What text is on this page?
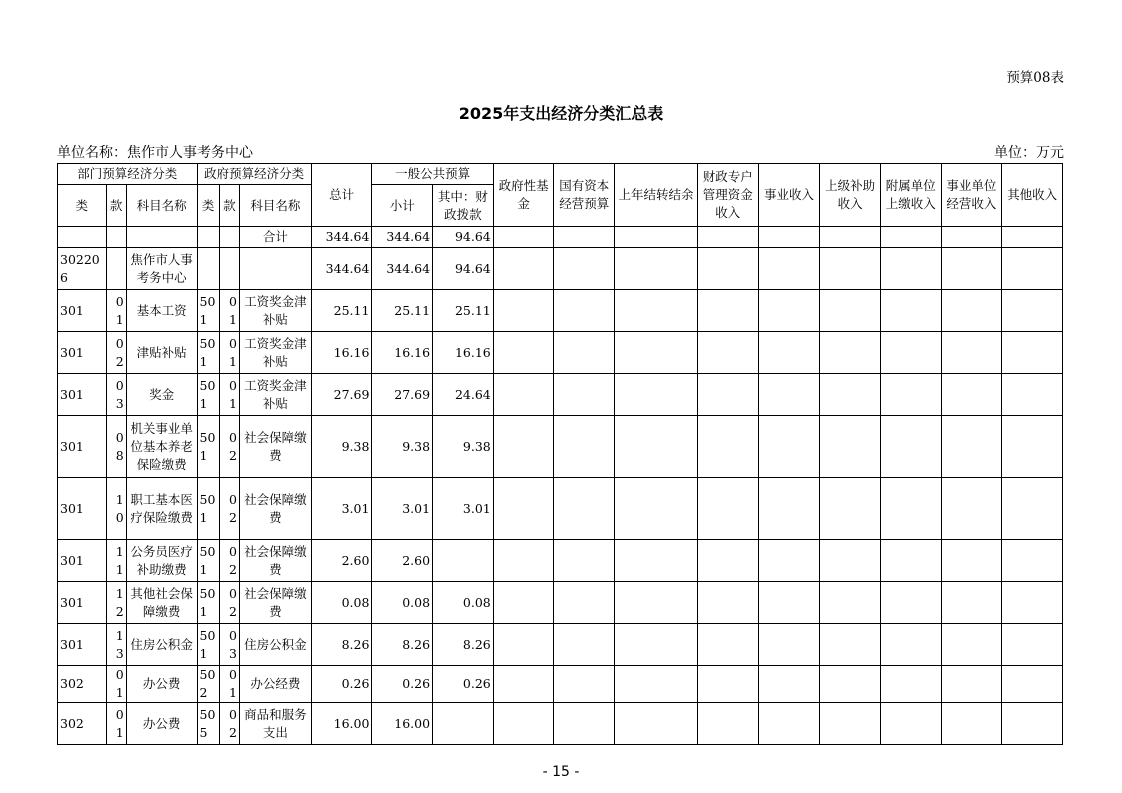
预算08表
2025年支出经济分类汇总表
单位名称：焦作市人事考务中心	单位：万元
部门预算经济分类			政府预算经济分类			总计	一般公共预算		政府性基金	国有资本经营预算	上年结转结余	财政专户管理资金收入	事业收入	上级补助收入	附属单位上缴收入	事业单位经营收入	其他收入
类	款	科目名称	类	款	科目名称		小计	其中：财政拨款									
					合计	344.64	344.64	94.64									
302206		焦作市人事考务中心				344.64	344.64	94.64									
301	01	基本工资	501	01	工资奖金津补贴	25.11	25.11	25.11									
301	02	津贴补贴	501	01	工资奖金津补贴	16.16	16.16	16.16									
301	03	奖金	501	01	工资奖金津补贴	27.69	27.69	24.64									
301	08	机关事业单位基本养老保险缴费	501	02	社会保障缴费	9.38	9.38	9.38									
301	10	职工基本医疗保险缴费	501	02	社会保障缴费	3.01	3.01	3.01									
301	11	公务员医疗补助缴费	501	02	社会保障缴费	2.60	2.60										
301	12	其他社会保障缴费	501	02	社会保障缴费	0.08	0.08	0.08									
301	13	住房公积金	501	03	住房公积金	8.26	8.26	8.26									
302	01	办公费	502	01	办公经费	0.26	0.26	0.26									
302	01	办公费	505	02	商品和服务支出	16.00	16.00										
- 15 -
